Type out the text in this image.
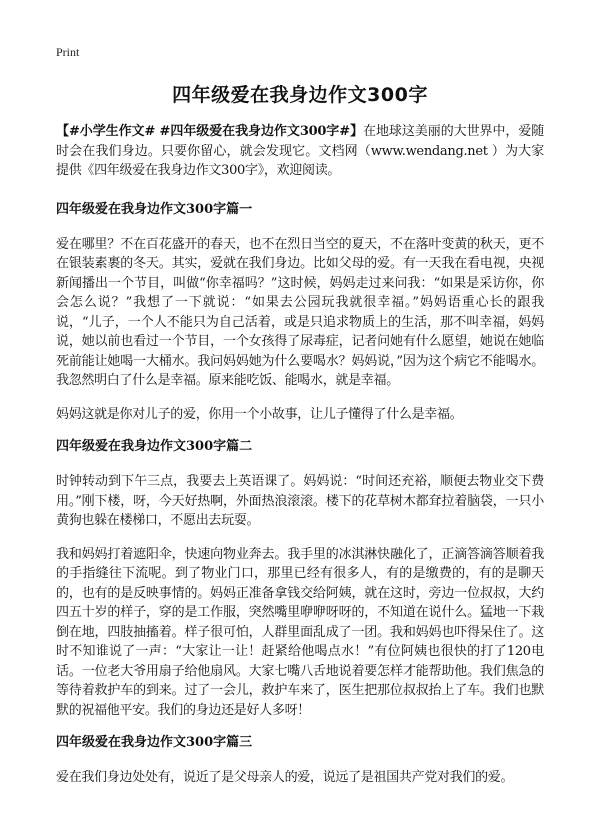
Print
四年级爱在我身边作文300字

【#小学生作文# #四年级爱在我身边作文300字#】在地球这美丽的大世界中，爱随时会在我们身边。只要你留心，就会发现它。文档网（www.wendang.net ）为大家提供《四年级爱在我身边作文300字》，欢迎阅读。

四年级爱在我身边作文300字篇一

爱在哪里？不在百花盛开的春天，也不在烈日当空的夏天，不在落叶变黄的秋天，更不在银装素裹的冬天。其实，爱就在我们身边。比如父母的爱。有一天我在看电视，央视新闻播出一个节目，叫做“你幸福吗？”这时候，妈妈走过来问我：“如果是采访你，你会怎么说？”我想了一下就说：“如果去公园玩我就很幸福。”妈妈语重心长的跟我说，“儿子，一个人不能只为自己活着，或是只追求物质上的生活，那不叫幸福，妈妈说，她以前也看过一个节目，一个女孩得了尿毒症，记者问她有什么愿望，她说在她临死前能让她喝一大桶水。我问妈妈她为什么要喝水？妈妈说，”因为这个病它不能喝水。我忽然明白了什么是幸福。原来能吃饭、能喝水，就是幸福。

妈妈这就是你对儿子的爱，你用一个小故事，让儿子懂得了什么是幸福。

四年级爱在我身边作文300字篇二

时钟转动到下午三点，我要去上英语课了。妈妈说：“时间还充裕，顺便去物业交下费用。”刚下楼，呀，今天好热啊，外面热浪滚滚。楼下的花草树木都耷拉着脑袋，一只小黄狗也躲在楼梯口，不愿出去玩耍。

我和妈妈打着遮阳伞，快速向物业奔去。我手里的冰淇淋快融化了，正滴答滴答顺着我的手指缝往下流呢。到了物业门口，那里已经有很多人，有的是缴费的，有的是聊天的，也有的是反映事情的。妈妈正准备拿钱交给阿姨，就在这时，旁边一位叔叔，大约四五十岁的样子，穿的是工作服，突然嘴里咿咿呀呀的，不知道在说什么。猛地一下栽倒在地，四肢抽搐着。样子很可怕，人群里面乱成了一团。我和妈妈也吓得呆住了。这时不知谁说了一声：“大家让一让！赶紧给他喝点水！”有位阿姨也很快的打了120电话。一位老大爷用扇子给他扇风。大家七嘴八舌地说着要怎样才能帮助他。我们焦急的等待着救护车的到来。过了一会儿，救护车来了，医生把那位叔叔抬上了车。我们也默默的祝福他平安。我们的身边还是好人多呀！

四年级爱在我身边作文300字篇三

爱在我们身边处处有，说近了是父母亲人的爱，说远了是祖国共产党对我们的爱。
